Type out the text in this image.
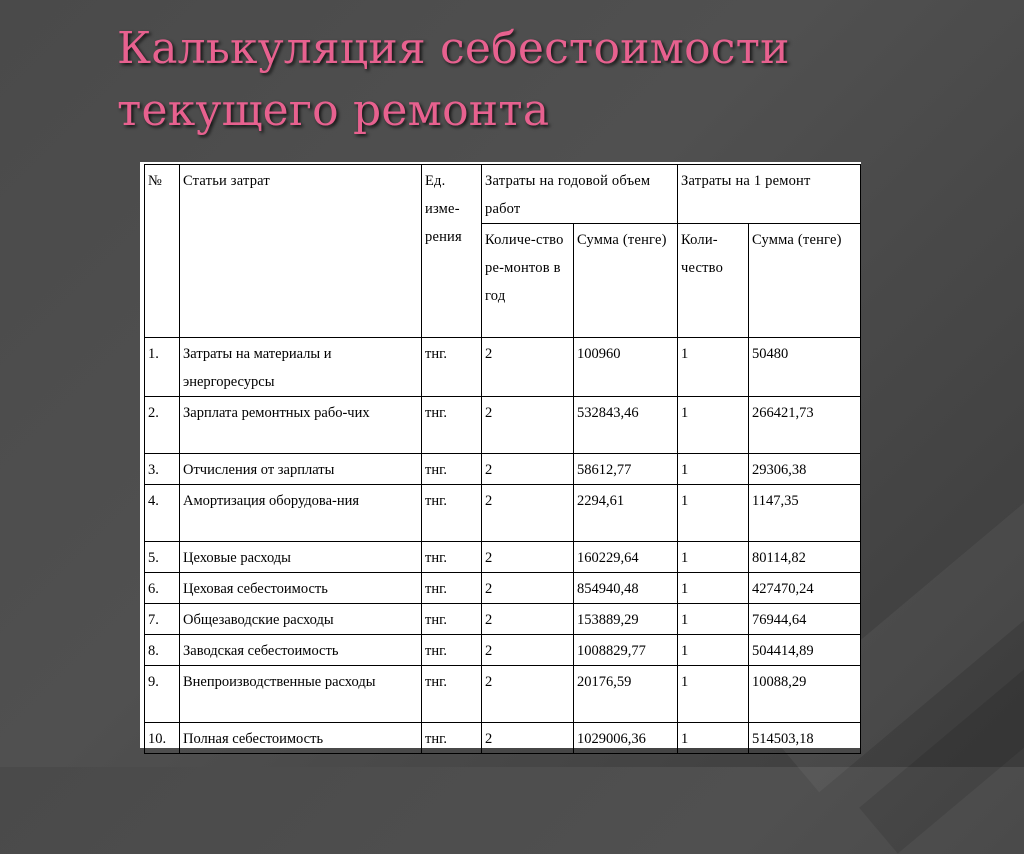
Калькуляция себестоимости
текущего ремонта
№	Статьи затрат	Ед. изме-рения	Затраты на годовой объем работ		Затраты на 1 ремонт	
			Количе-ство ре-монтов в год	Сумма (тенге)	Коли-чество	Сумма (тенге)
1.	Затраты на материалы и энергоресурсы	тнг.	2	100960	1	50480
2.	Зарплата ремонтных рабо-чих	тнг.	2	532843,46	1	266421,73
3.	Отчисления от зарплаты	тнг.	2	58612,77	1	29306,38
4.	Амортизация оборудова-ния	тнг.	2	2294,61	1	1147,35
5.	Цеховые расходы	тнг.	2	160229,64	1	80114,82
6.	Цеховая себестоимость	тнг.	2	854940,48	1	427470,24
7.	Общезаводские расходы	тнг.	2	153889,29	1	76944,64
8.	Заводская себестоимость	тнг.	2	1008829,77	1	504414,89
9.	Внепроизводственные расходы	тнг.	2	20176,59	1	10088,29
10.	Полная себестоимость	тнг.	2	1029006,36	1	514503,18
